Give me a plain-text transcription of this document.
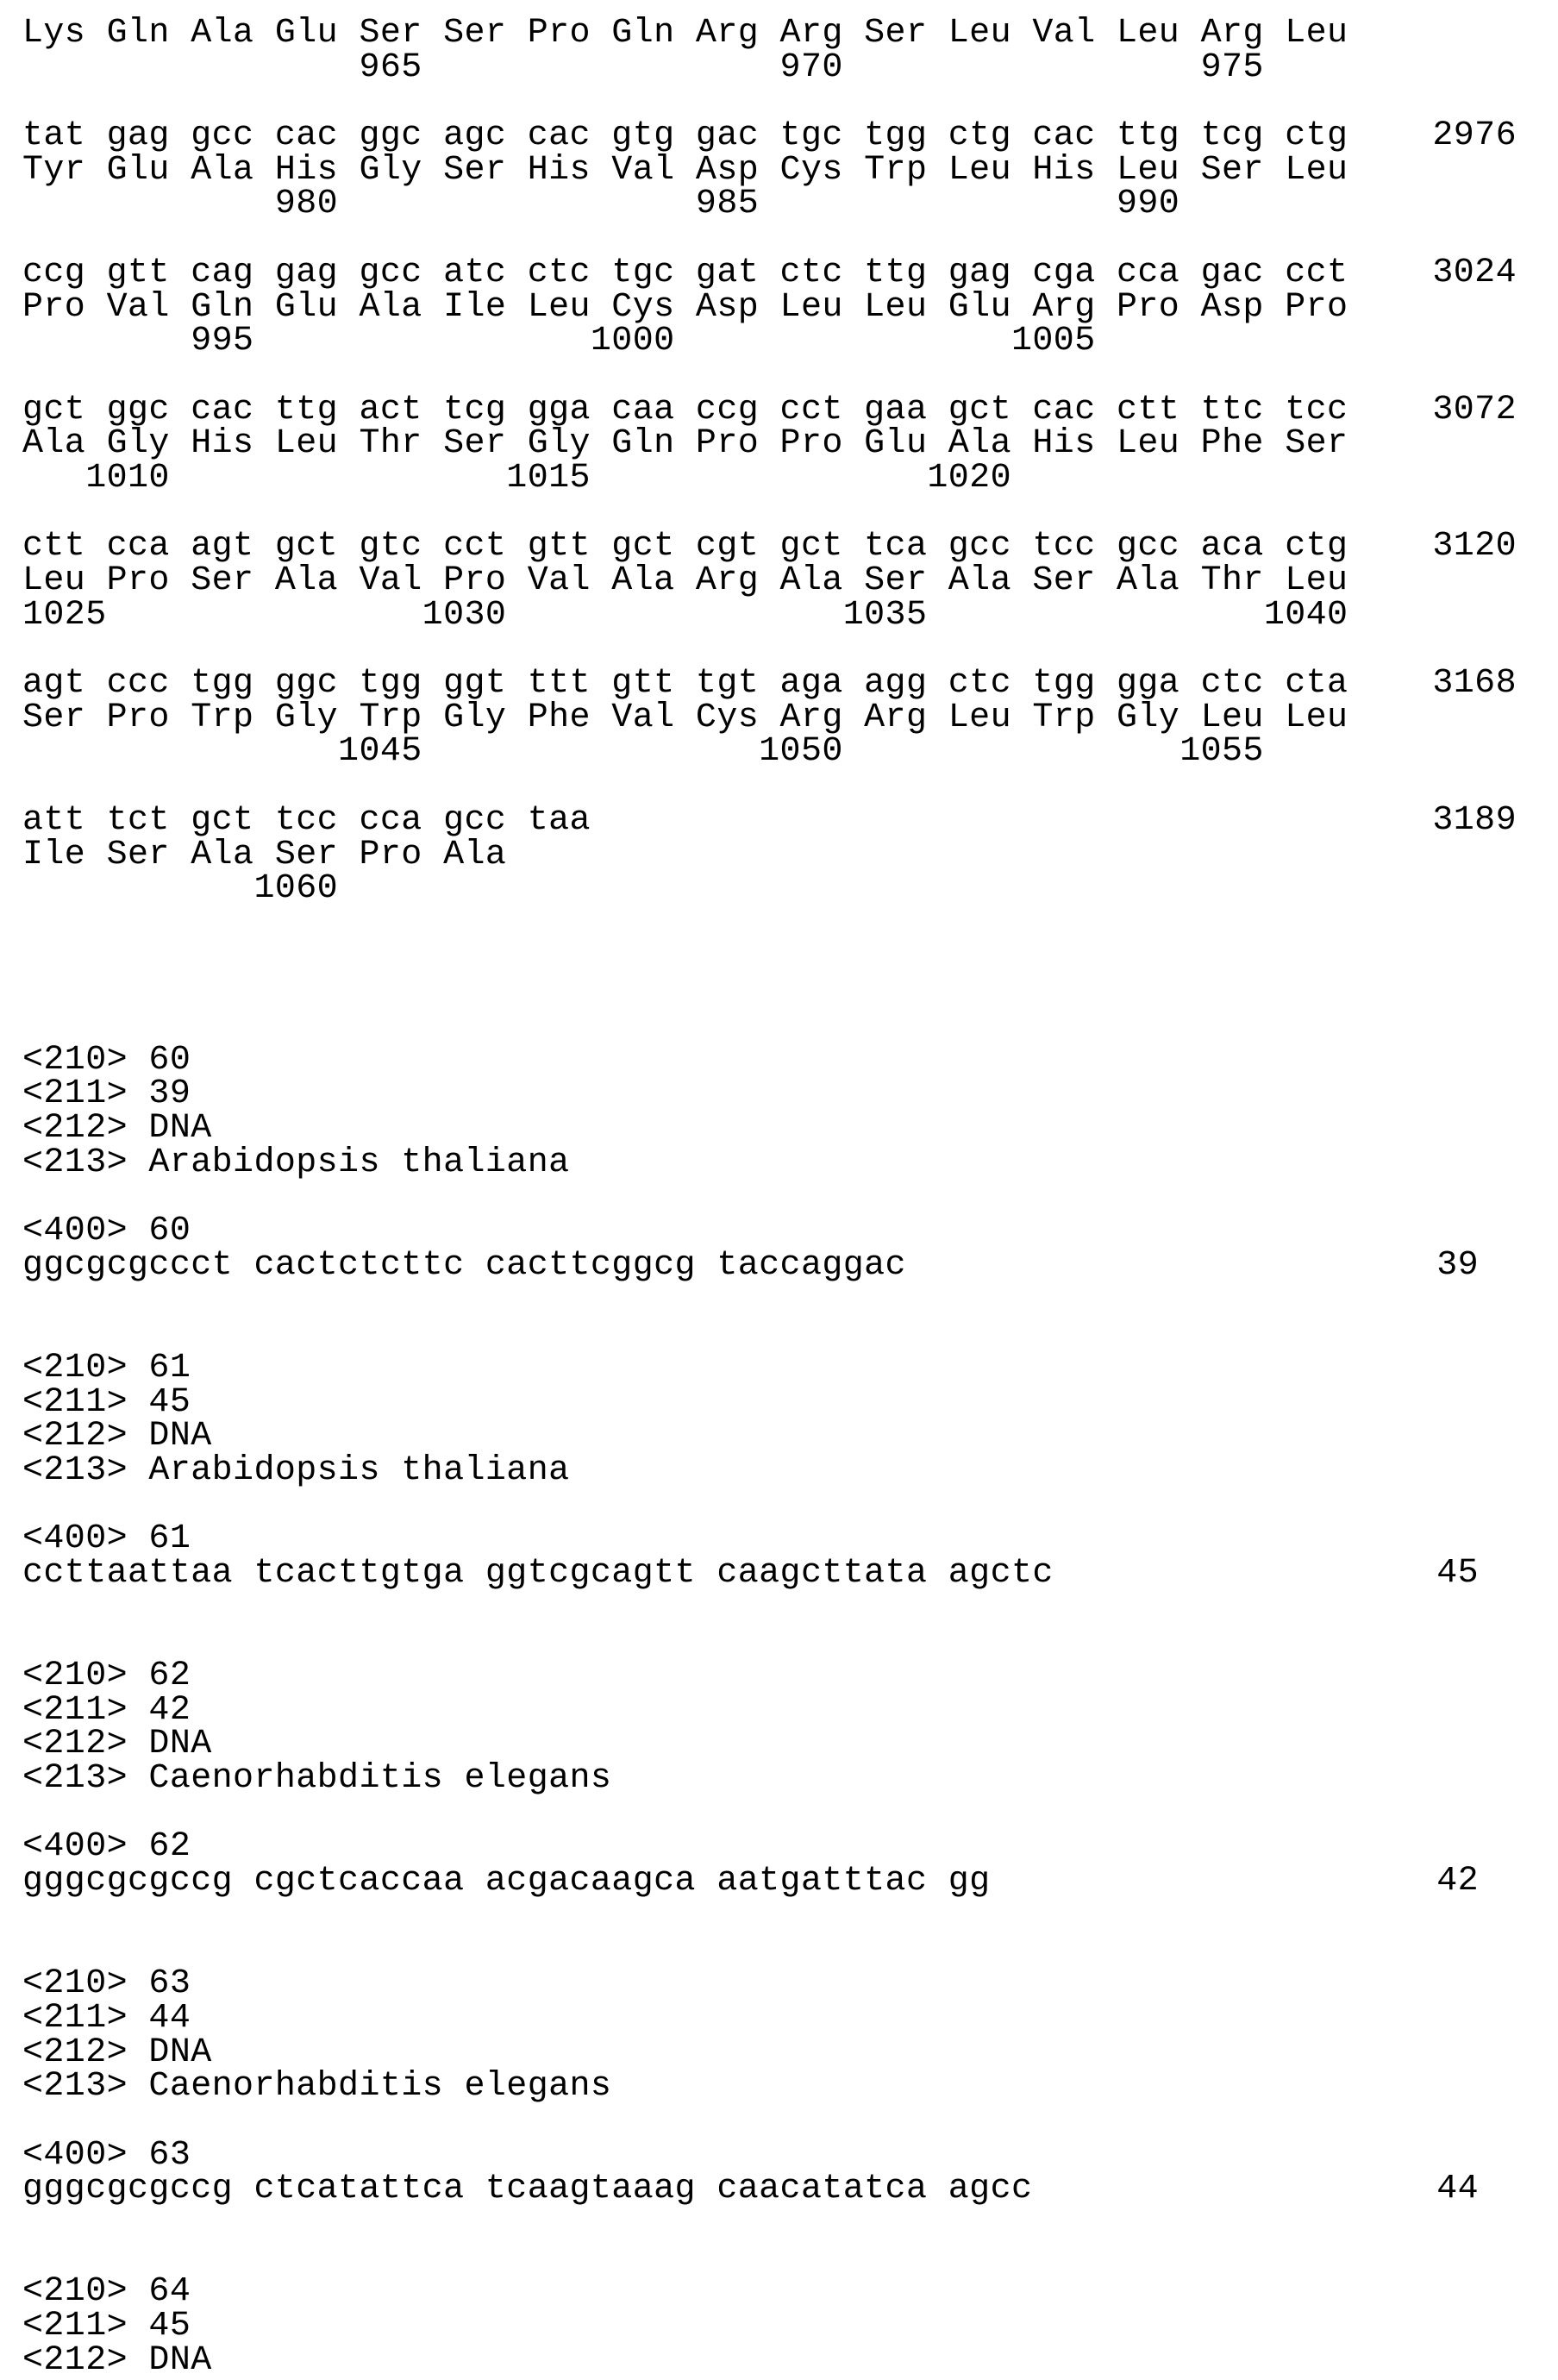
Lys Gln Ala Glu Ser Ser Pro Gln Arg Arg Ser Leu Val Leu Arg Leu
965                 970                 975
tat gag gcc cac ggc agc cac gtg gac tgc tgg ctg cac ttg tcg ctg 2976
Tyr Glu Ala His Gly Ser His Val Asp Cys Trp Leu His Leu Ser Leu
980                 985                 990
ccg gtt cag gag gcc atc ctc tgc gat ctc ttg gag cga cca gac cct 3024
Pro Val Gln Glu Ala Ile Leu Cys Asp Leu Leu Glu Arg Pro Asp Pro
995                1000                1005
gct ggc cac ttg act tcg gga caa ccg cct gaa gct cac ctt ttc tcc 3072
Ala Gly His Leu Thr Ser Gly Gln Pro Pro Glu Ala His Leu Phe Ser
1010                1015                1020
ctt cca agt gct gtc cct gtt gct cgt gct tca gcc tcc gcc aca ctg 3120
Leu Pro Ser Ala Val Pro Val Ala Arg Ala Ser Ala Ser Ala Thr Leu
1025               1030                1035                1040
agt ccc tgg ggc tgg ggt ttt gtt tgt aga agg ctc tgg gga ctc cta 3168
Ser Pro Trp Gly Trp Gly Phe Val Cys Arg Arg Leu Trp Gly Leu Leu
1045                1050                1055
att tct gct tcc cca gcc taa	3189
Ile Ser Ala Ser Pro Ala
1060
<210> 60
<211> 39
<212> DNA
<213> Arabidopsis thaliana
<400> 60
ggcgcgccct cactctcttc cacttcggcg taccaggac	39
<210> 61
<211> 45
<212> DNA
<213> Arabidopsis thaliana
<400> 61
ccttaattaa tcacttgtga ggtcgcagtt caagcttata agctc	45
<210> 62
<211> 42
<212> DNA
<213> Caenorhabditis elegans
<400> 62
gggcgcgccg cgctcaccaa acgacaagca aatgatttac gg	42
<210> 63
<211> 44
<212> DNA
<213> Caenorhabditis elegans
<400> 63
gggcgcgccg ctcatattca tcaagtaaag caacatatca agcc	44
<210> 64
<211> 45
<212> DNA
